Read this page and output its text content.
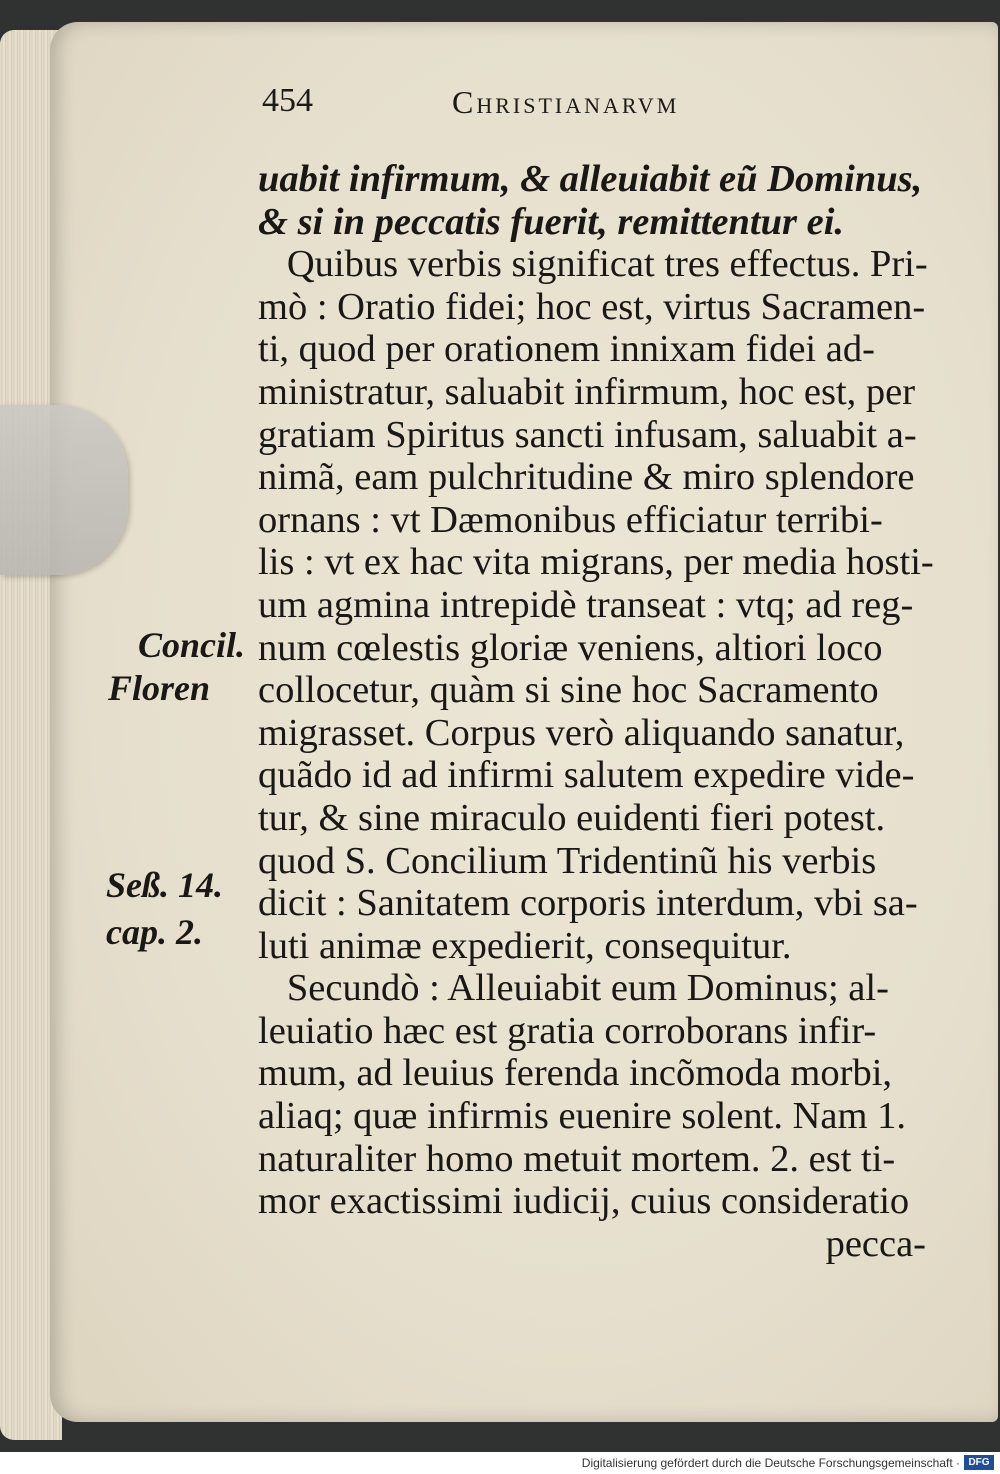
454	Christianarvm
Concil.
Floren
Seß. 14.
cap. 2.
uabit infirmum, & alleuiabit eũ Dominus,
& si in peccatis fuerit, remittentur ei.
Quibus verbis significat tres effectus. Pri-
mò : Oratio fidei; hoc est, virtus Sacramen-
ti, quod per orationem innixam fidei ad-
ministratur, saluabit infirmum, hoc est, per
gratiam Spiritus sancti infusam, saluabit a-
nimã, eam pulchritudine & miro splendore
ornans : vt Dæmonibus efficiatur terribi-
lis : vt ex hac vita migrans, per media hosti-
um agmina intrepidè transeat : vtq; ad reg-
num cœlestis gloriæ veniens, altiori loco
collocetur, quàm si sine hoc Sacramento
migrasset. Corpus verò aliquando sanatur,
quãdo id ad infirmi salutem expedire vide-
tur, & sine miraculo euidenti fieri potest.
quod S. Concilium Tridentinũ his verbis
dicit : Sanitatem corporis interdum, vbi sa-
luti animæ expedierit, consequitur.
Secundò : Alleuiabit eum Dominus; al-
leuiatio hæc est gratia corroborans infir-
mum, ad leuius ferenda incõmoda morbi,
aliaq; quæ infirmis euenire solent. Nam 1.
naturaliter homo metuit mortem. 2. est ti-
mor exactissimi iudicij, cuius consideratio
pecca-
Digitalisierung gefördert durch die Deutsche Forschungsgemeinschaft · DFG
